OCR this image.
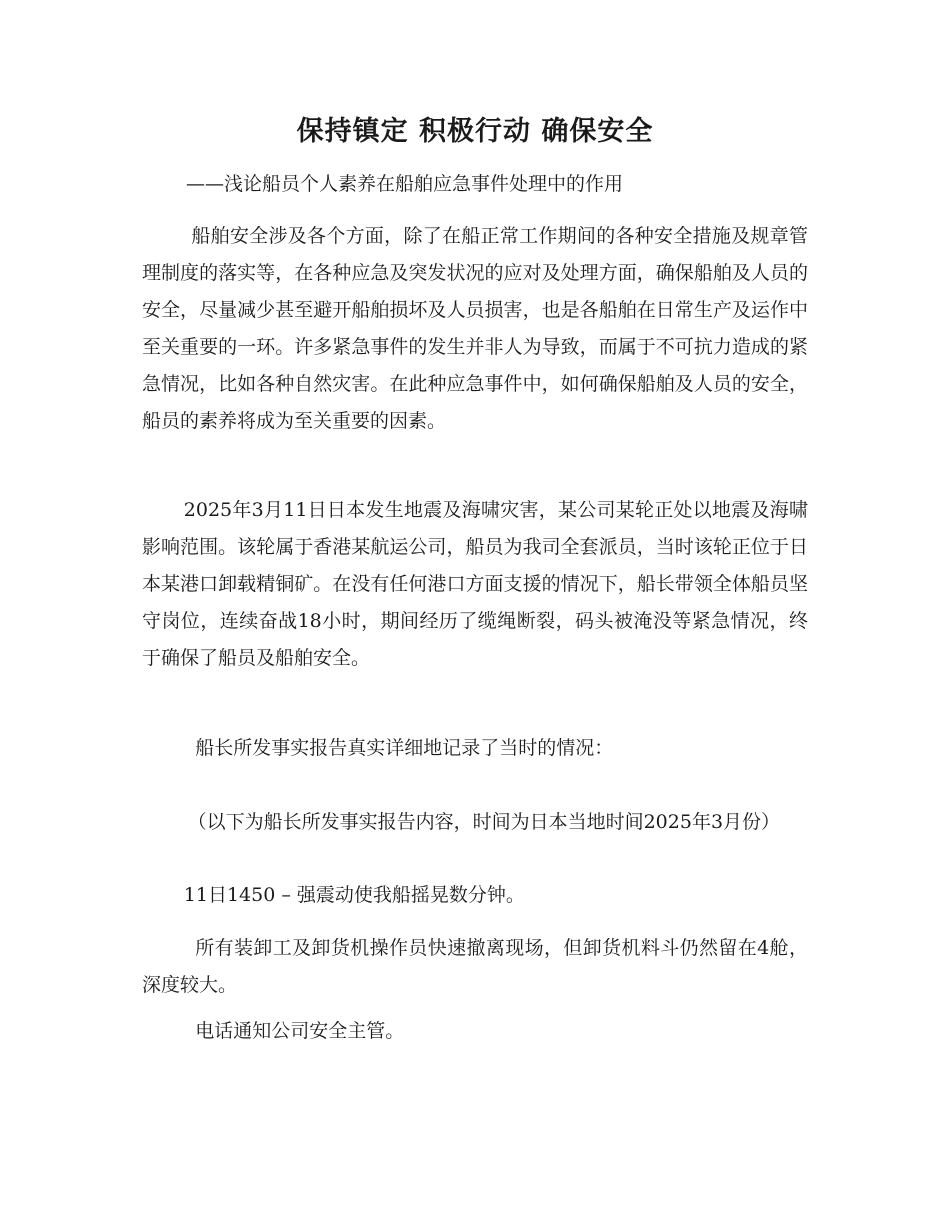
保持镇定 积极行动 确保安全

——浅论船员个人素养在船舶应急事件处理中的作用

船舶安全涉及各个方面，除了在船正常工作期间的各种安全措施及规章管理制度的落实等，在各种应急及突发状况的应对及处理方面，确保船舶及人员的安全，尽量减少甚至避开船舶损坏及人员损害，也是各船舶在日常生产及运作中至关重要的一环。许多紧急事件的发生并非人为导致，而属于不可抗力造成的紧急情况，比如各种自然灾害。在此种应急事件中，如何确保船舶及人员的安全，船员的素养将成为至关重要的因素。

2025年3月11日日本发生地震及海啸灾害，某公司某轮正处以地震及海啸影响范围。该轮属于香港某航运公司，船员为我司全套派员，当时该轮正位于日本某港口卸载精铜矿。在没有任何港口方面支援的情况下，船长带领全体船员坚守岗位，连续奋战18小时，期间经历了缆绳断裂，码头被淹没等紧急情况，终于确保了船员及船舶安全。

船长所发事实报告真实详细地记录了当时的情况：

（以下为船长所发事实报告内容，时间为日本当地时间2025年3月份）

11日1450 – 强震动使我船摇晃数分钟。

所有装卸工及卸货机操作员快速撤离现场，但卸货机料斗仍然留在4舱，深度较大。

电话通知公司安全主管。
